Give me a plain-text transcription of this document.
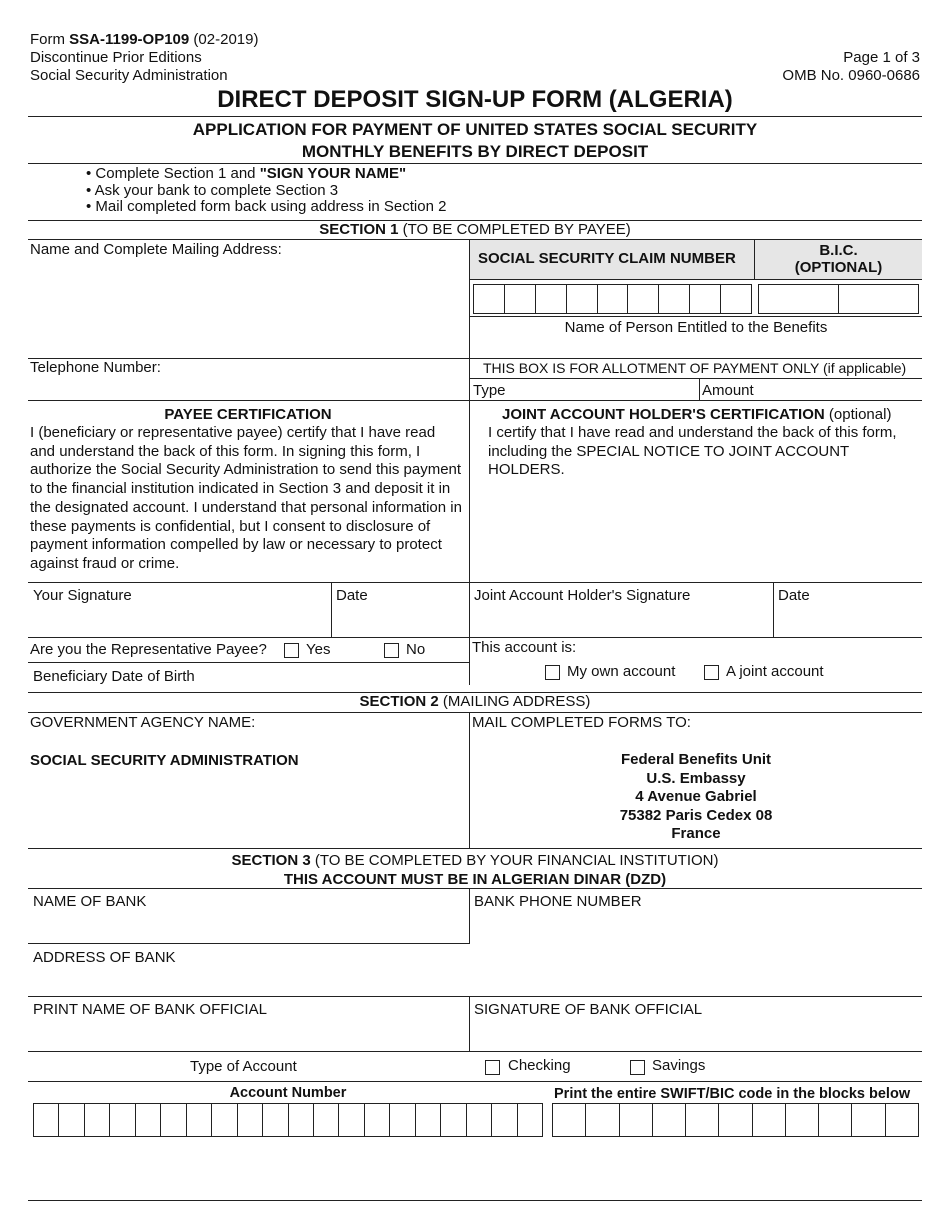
Form SSA-1199-OP109 (02-2019)
Discontinue Prior Editions
Social Security Administration
Page 1 of 3
OMB No. 0960-0686
DIRECT DEPOSIT SIGN-UP FORM (ALGERIA)
APPLICATION FOR PAYMENT OF UNITED STATES SOCIAL SECURITY
MONTHLY BENEFITS BY DIRECT DEPOSIT
• Complete Section 1 and "SIGN YOUR NAME"
• Ask your bank to complete Section 3
• Mail completed form back using address in Section 2
SECTION 1 (TO BE COMPLETED BY PAYEE)
Name and Complete Mailing Address:
SOCIAL SECURITY CLAIM NUMBER	B.I.C.
(OPTIONAL)
Name of Person Entitled to the Benefits
Telephone Number:	THIS BOX IS FOR ALLOTMENT OF PAYMENT ONLY (if applicable)
Type	Amount
PAYEE CERTIFICATION
I (beneficiary or representative payee) certify that I have read and understand the back of this form. In signing this form, I authorize the Social Security Administration to send this payment to the financial institution indicated in Section 3 and deposit it in the designated account. I understand that personal information in these payments is confidential, but I consent to disclosure of payment information compelled by law or necessary to protect against fraud or crime.
JOINT ACCOUNT HOLDER'S CERTIFICATION (optional)
I certify that I have read and understand the back of this form, including the SPECIAL NOTICE TO JOINT ACCOUNT HOLDERS.
Your Signature	Date	Joint Account Holder's Signature	Date
Are you the Representative Payee?	Yes	No
Beneficiary Date of Birth
This account is:
My own account	A joint account
SECTION 2 (MAILING ADDRESS)
GOVERNMENT AGENCY NAME:
SOCIAL SECURITY ADMINISTRATION
MAIL COMPLETED FORMS TO:
Federal Benefits Unit
U.S. Embassy
4 Avenue Gabriel
75382 Paris Cedex 08
France
SECTION 3 (TO BE COMPLETED BY YOUR FINANCIAL INSTITUTION)
THIS ACCOUNT MUST BE IN ALGERIAN DINAR (DZD)
NAME OF BANK	BANK PHONE NUMBER
ADDRESS OF BANK
PRINT NAME OF BANK OFFICIAL	SIGNATURE OF BANK OFFICIAL
Type of Account	Checking	Savings
Account Number	Print the entire SWIFT/BIC code in the blocks below
